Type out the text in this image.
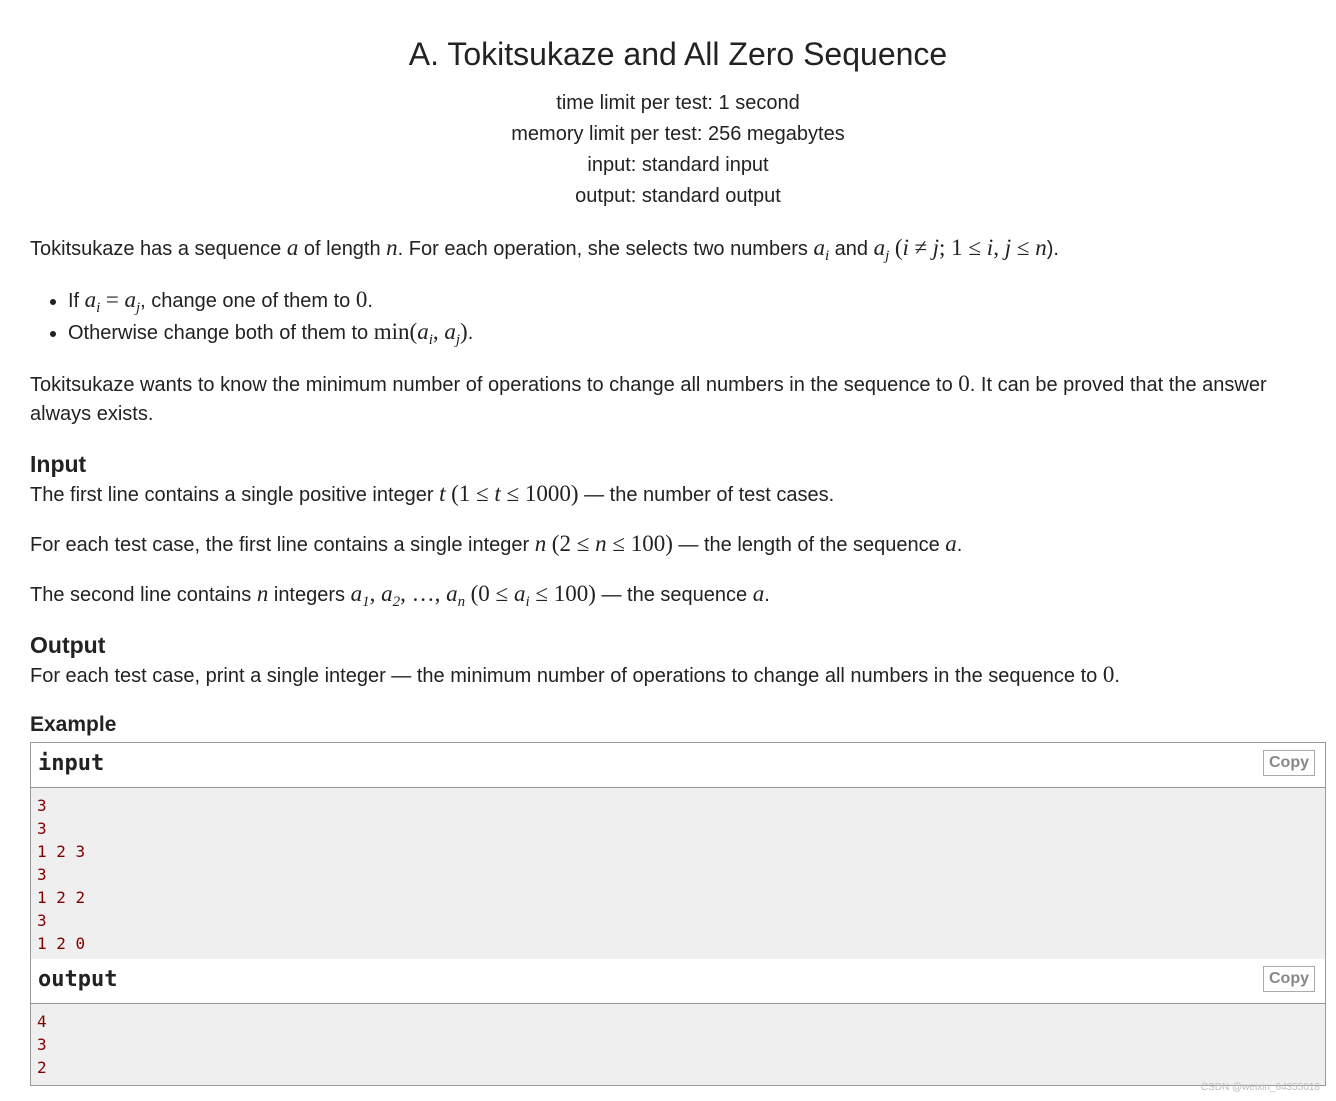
A. Tokitsukaze and All Zero Sequence
time limit per test: 1 second
memory limit per test: 256 megabytes
input: standard input
output: standard output
Tokitsukaze has a sequence a of length n. For each operation, she selects two numbers $a_i$ and $a_j$ (i ≠ j; 1 ≤ i, j ≤ n).
• If $a_i = a_j$, change one of them to 0.
• Otherwise change both of them to $\min(a_i$, $a_j$).
Tokitsukaze wants to know the minimum number of operations to change all numbers in the sequence to 0. It can be proved that the answer always exists.
Input
The first line contains a single positive integer t (1 ≤ t ≤ 1000) — the number of test cases.
For each test case, the first line contains a single integer n (2 ≤ n ≤ 100) — the length of the sequence a.
The second line contains n integers $a_1$, $a_2$, …, $a_n$ $(0 \le a_i \le 100)$ — the sequence a.
Output
For each test case, print a single integer — the minimum number of operations to change all numbers in the sequence to 0.
Example
input	Copy
3
3
1 2 3
3
1 2 2
3
1 2 0
output	Copy
4
3
2
CSDN @weixin_64355018
